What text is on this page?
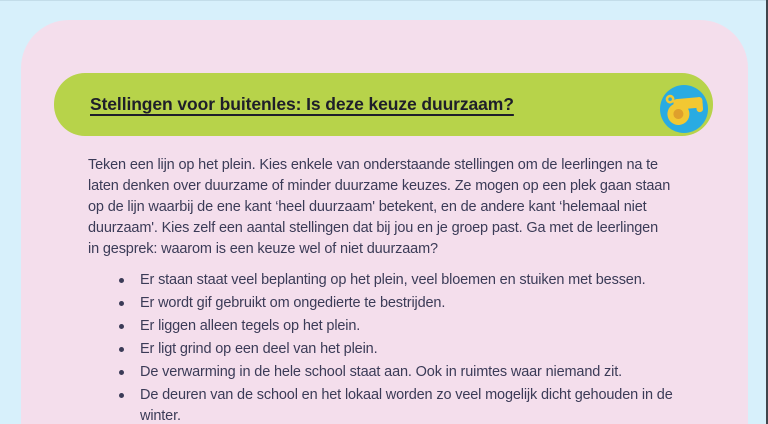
Stellingen voor buitenles: Is deze keuze duurzaam?
Teken een lijn op het plein. Kies enkele van onderstaande stellingen om de leerlingen na te
laten denken over duurzame of minder duurzame keuzes. Ze mogen op een plek gaan staan
op de lijn waarbij de ene kant ‘heel duurzaam' betekent, en de andere kant ‘helemaal niet
duurzaam'. Kies zelf een aantal stellingen dat bij jou en je groep past. Ga met de leerlingen
in gesprek: waarom is een keuze wel of niet duurzaam?
Er staan staat veel beplanting op het plein, veel bloemen en stuiken met bessen.
Er wordt gif gebruikt om ongedierte te bestrijden.
Er liggen alleen tegels op het plein.
Er ligt grind op een deel van het plein.
De verwarming in de hele school staat aan. Ook in ruimtes waar niemand zit.
De deuren van de school en het lokaal worden zo veel mogelijk dicht gehouden in de winter.
